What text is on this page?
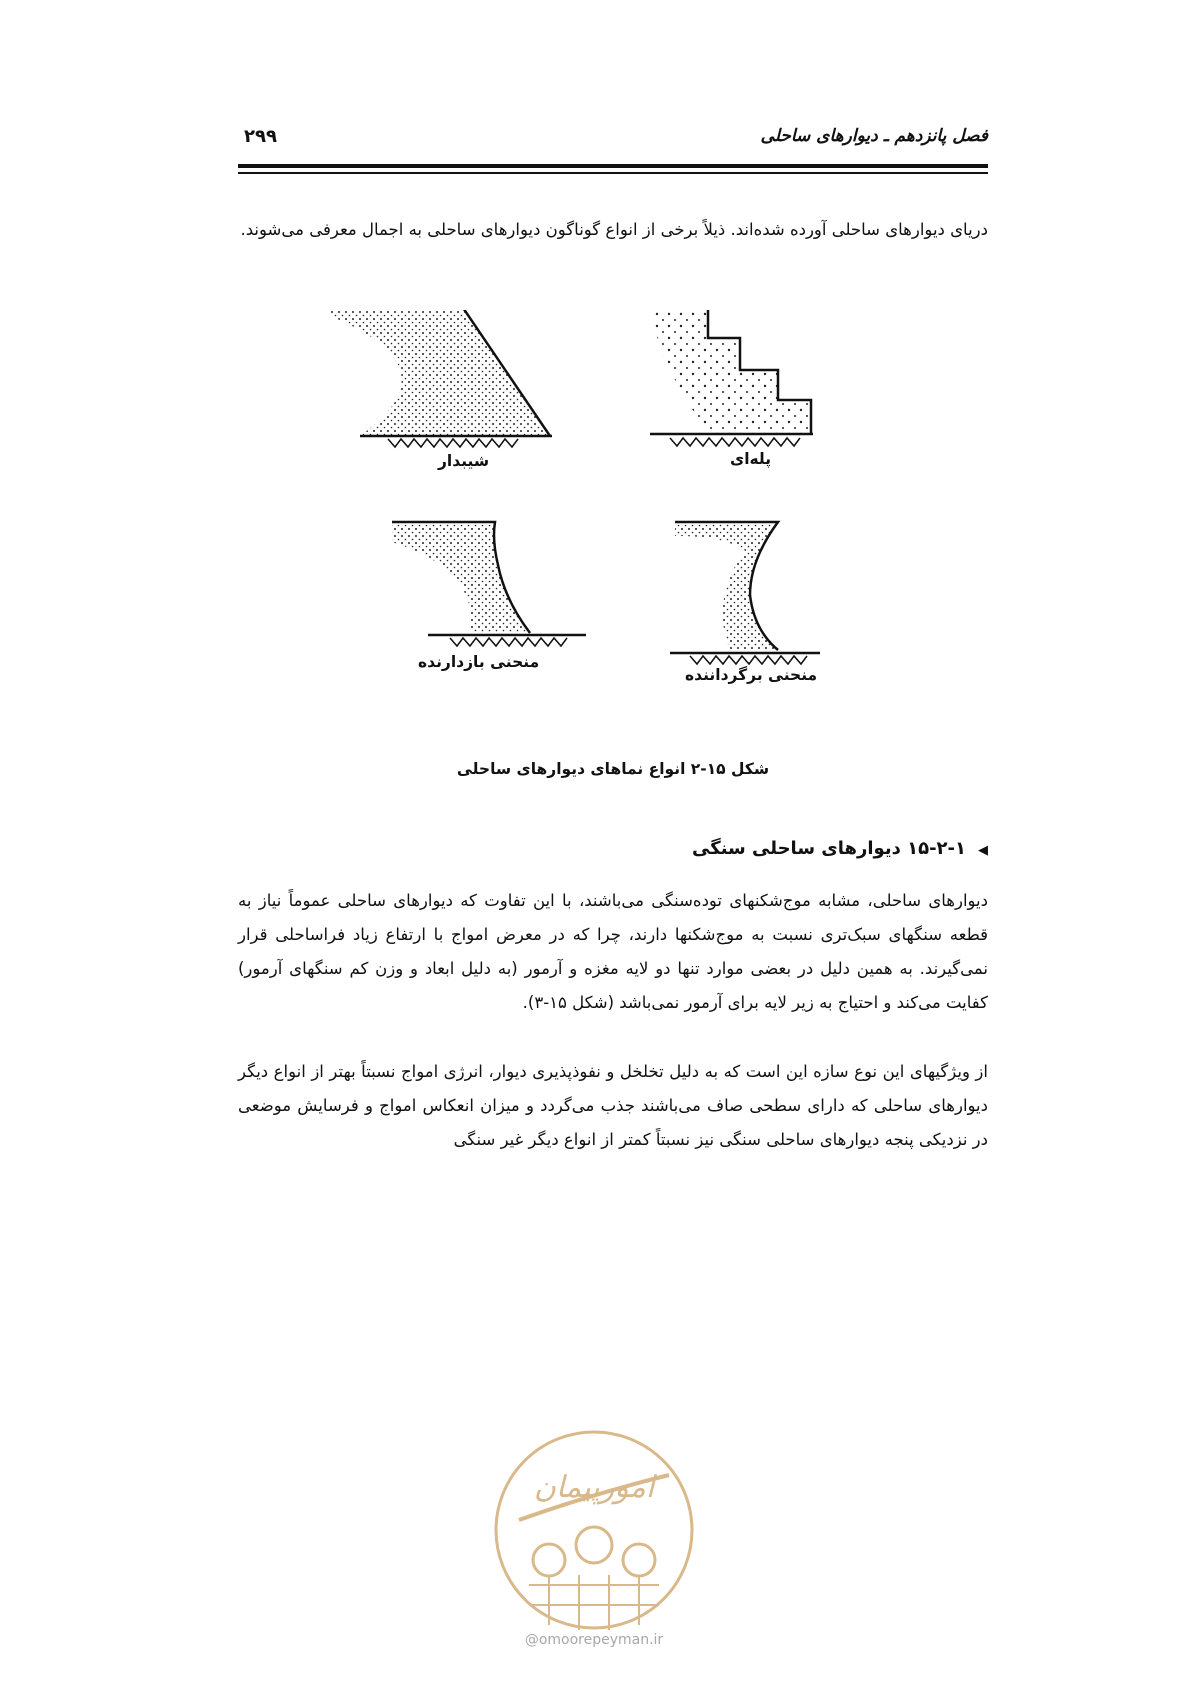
فصل پانزدهم ـ دیوارهای ساحلی
۲۹۹

دریای دیوارهای ساحلی آورده شده‌اند. ذیلاً برخی از انواع گوناگون دیوارهای ساحلی به اجمال معرفی می‌شوند.

شیبدار	پله‌ای
منحنی بازدارنده
منحنی برگرداننده
شکل ۱۵-۲ انواع نماهای دیوارهای ساحلی
◀۱۵-۲-۱ دیوارهای ساحلی سنگی

دیوارهای ساحلی، مشابه موج‌شکنهای توده‌سنگی می‌باشند، با این تفاوت که دیوارهای ساحلی عموماً نیاز به قطعه سنگهای سبک‌تری نسبت به موج‌شکنها دارند، چرا که در معرض امواج با ارتفاع زیاد فراساحلی قرار نمی‌گیرند. به همین دلیل در بعضی موارد تنها دو لایه مغزه و آرمور (به دلیل ابعاد و وزن کم سنگهای آرمور) کفایت می‌کند و احتیاج به زیر لایه برای آرمور نمی‌باشد (شکل ۱۵-۳).

از ویژگیهای این نوع سازه این است که به دلیل تخلخل و نفوذپذیری دیوار، انرژی امواج نسبتاً بهتر از انواع دیگر دیوارهای ساحلی که دارای سطحی صاف می‌باشند جذب می‌گردد و میزان انعکاس امواج و فرسایش موضعی در نزدیکی پنجه دیوارهای ساحلی سنگی نیز نسبتاً کمتر از انواع دیگر غیر سنگی

امورپیمان
@omoorepeyman.ir
